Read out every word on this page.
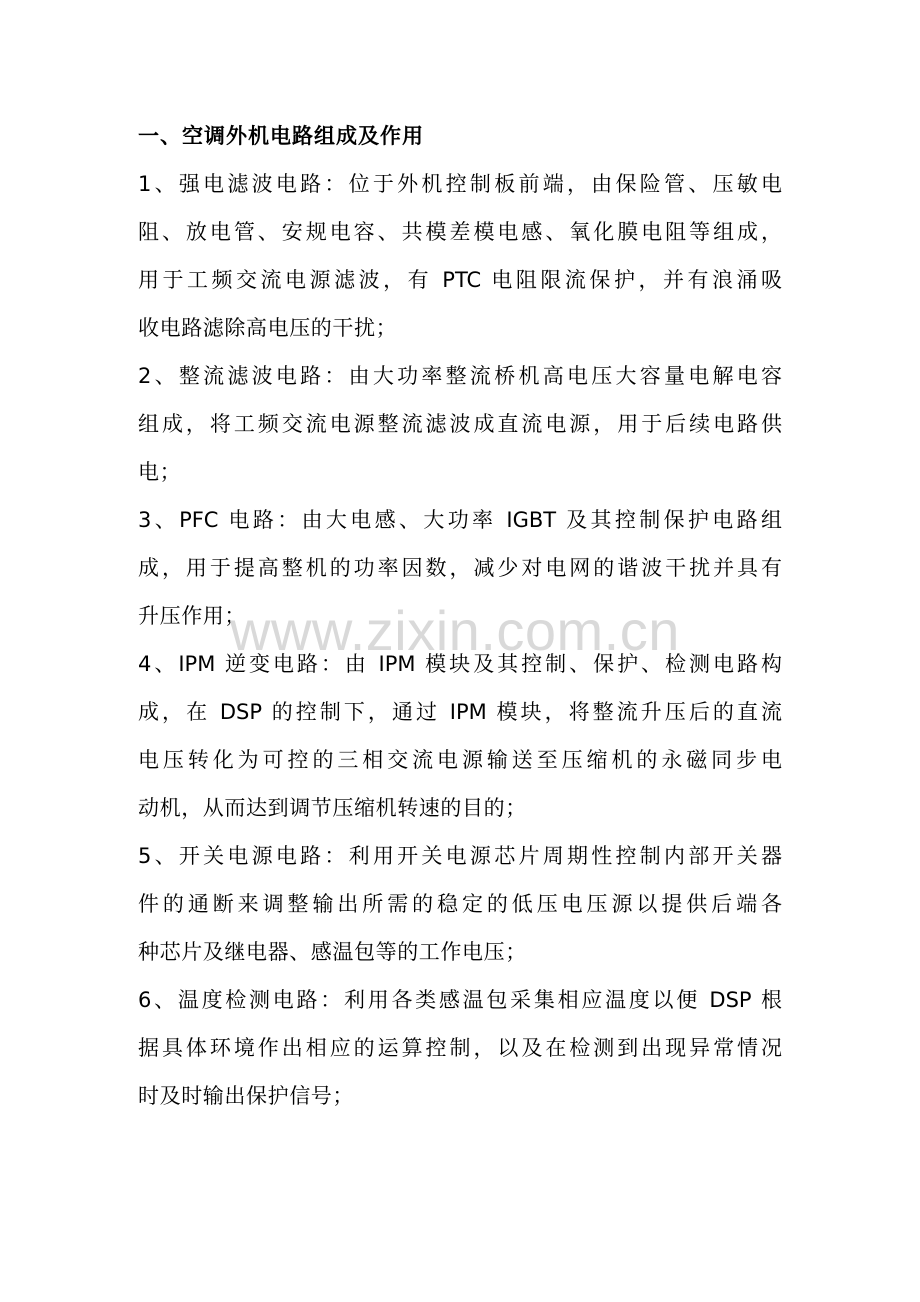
一、空调外机电路组成及作用
1、强电滤波电路：位于外机控制板前端，由保险管、压敏电
阻、放电管、安规电容、共模差模电感、氧化膜电阻等组成，
用于工频交流电源滤波，有 PTC 电阻限流保护，并有浪涌吸
收电路滤除高电压的干扰；
2、整流滤波电路：由大功率整流桥机高电压大容量电解电容
组成，将工频交流电源整流滤波成直流电源，用于后续电路供
电；
3、PFC 电路：由大电感、大功率 IGBT 及其控制保护电路组
成，用于提高整机的功率因数，减少对电网的谐波干扰并具有
升压作用；
4、IPM 逆变电路：由 IPM 模块及其控制、保护、检测电路构
成，在 DSP 的控制下，通过 IPM 模块，将整流升压后的直流
电压转化为可控的三相交流电源输送至压缩机的永磁同步电
动机，从而达到调节压缩机转速的目的；
5、开关电源电路：利用开关电源芯片周期性控制内部开关器
件的通断来调整输出所需的稳定的低压电压源以提供后端各
种芯片及继电器、感温包等的工作电压；
6、温度检测电路：利用各类感温包采集相应温度以便 DSP 根
据具体环境作出相应的运算控制，以及在检测到出现异常情况
时及时输出保护信号；
www.zixin.com.cn
